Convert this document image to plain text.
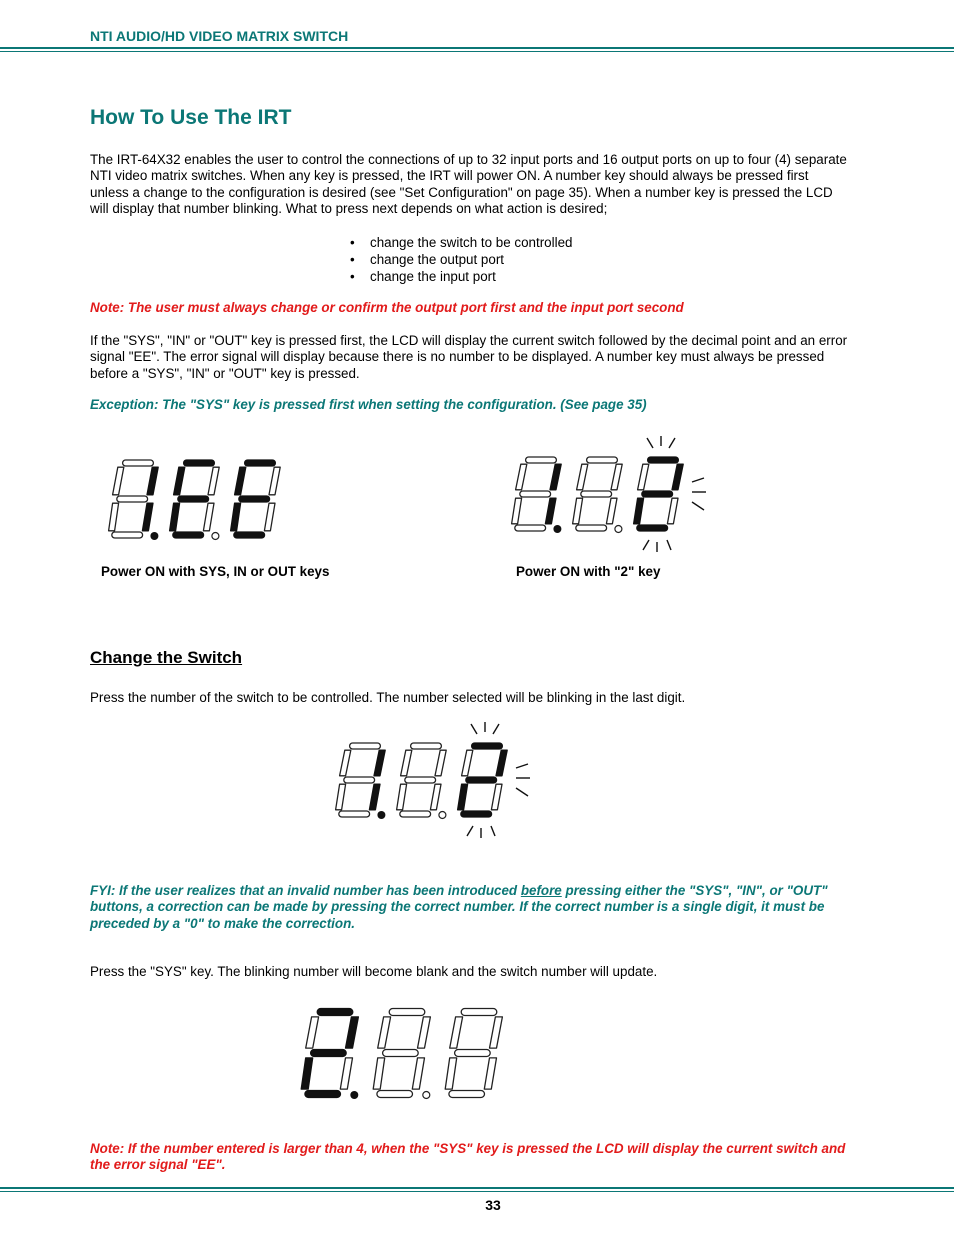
NTI AUDIO/HD VIDEO MATRIX SWITCH
How To Use The IRT
The IRT-64X32 enables the user to control the connections of up to 32 input ports and 16 output ports on up to four (4) separate
NTI video matrix switches. When any key is pressed, the IRT will power ON. A number key should always be pressed first
unless a change to the configuration is desired (see "Set Configuration" on page 35). When a number key is pressed the LCD
will display that number blinking. What to press next depends on what action is desired;
• change the switch to be controlled
• change the output port
• change the input port
Note: The user must always change or confirm the output port first and the input port second
If the "SYS", "IN" or "OUT" key is pressed first, the LCD will display the current switch followed by the decimal point and an error
signal "EE". The error signal will display because there is no number to be displayed. A number key must always be pressed
before a "SYS", "IN" or "OUT" key is pressed.
Exception: The "SYS" key is pressed first when setting the configuration. (See page 35)
Power ON with SYS, IN or OUT keys	Power ON with "2" key
Change the Switch
Press the number of the switch to be controlled. The number selected will be blinking in the last digit.
FYI: If the user realizes that an invalid number has been introduced before pressing either the "SYS", "IN", or "OUT"
buttons, a correction can be made by pressing the correct number. If the correct number is a single digit, it must be
preceded by a "0" to make the correction.
Press the "SYS" key. The blinking number will become blank and the switch number will update.
Note: If the number entered is larger than 4, when the "SYS" key is pressed the LCD will display the current switch and
the error signal "EE".
33
